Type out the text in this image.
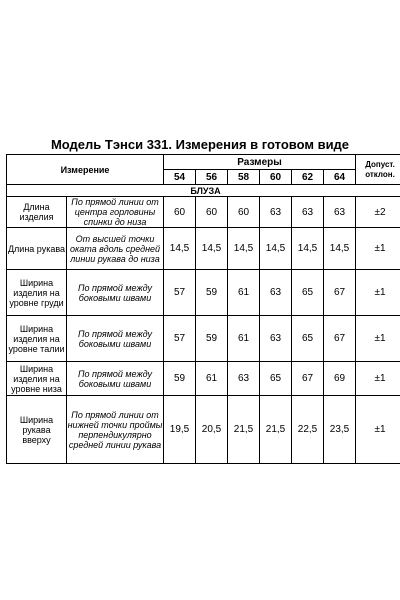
Модель Тэнси 331. Измерения в готовом виде
Измерение		Размеры						Допуст. отклон.
		54	56	58	60	62	64	
БЛУЗА								
Длина изделия	По прямой линии от центра горловины спинки до низа	60	60	60	63	63	63	±2
Длина рукава	От высшей точки оката вдоль средней линии рукава до низа	14,5	14,5	14,5	14,5	14,5	14,5	±1
Ширина изделия на уровне груди	По прямой между боковыми швами	57	59	61	63	65	67	±1
Ширина изделия на уровне талии	По прямой между боковыми швами	57	59	61	63	65	67	±1
Ширина изделия на уровне низа	По прямой между боковыми швами	59	61	63	65	67	69	±1
Ширина рукава вверху	По прямой линии от нижней точки проймы перпендикулярно средней линии рукава	19,5	20,5	21,5	21,5	22,5	23,5	±1
